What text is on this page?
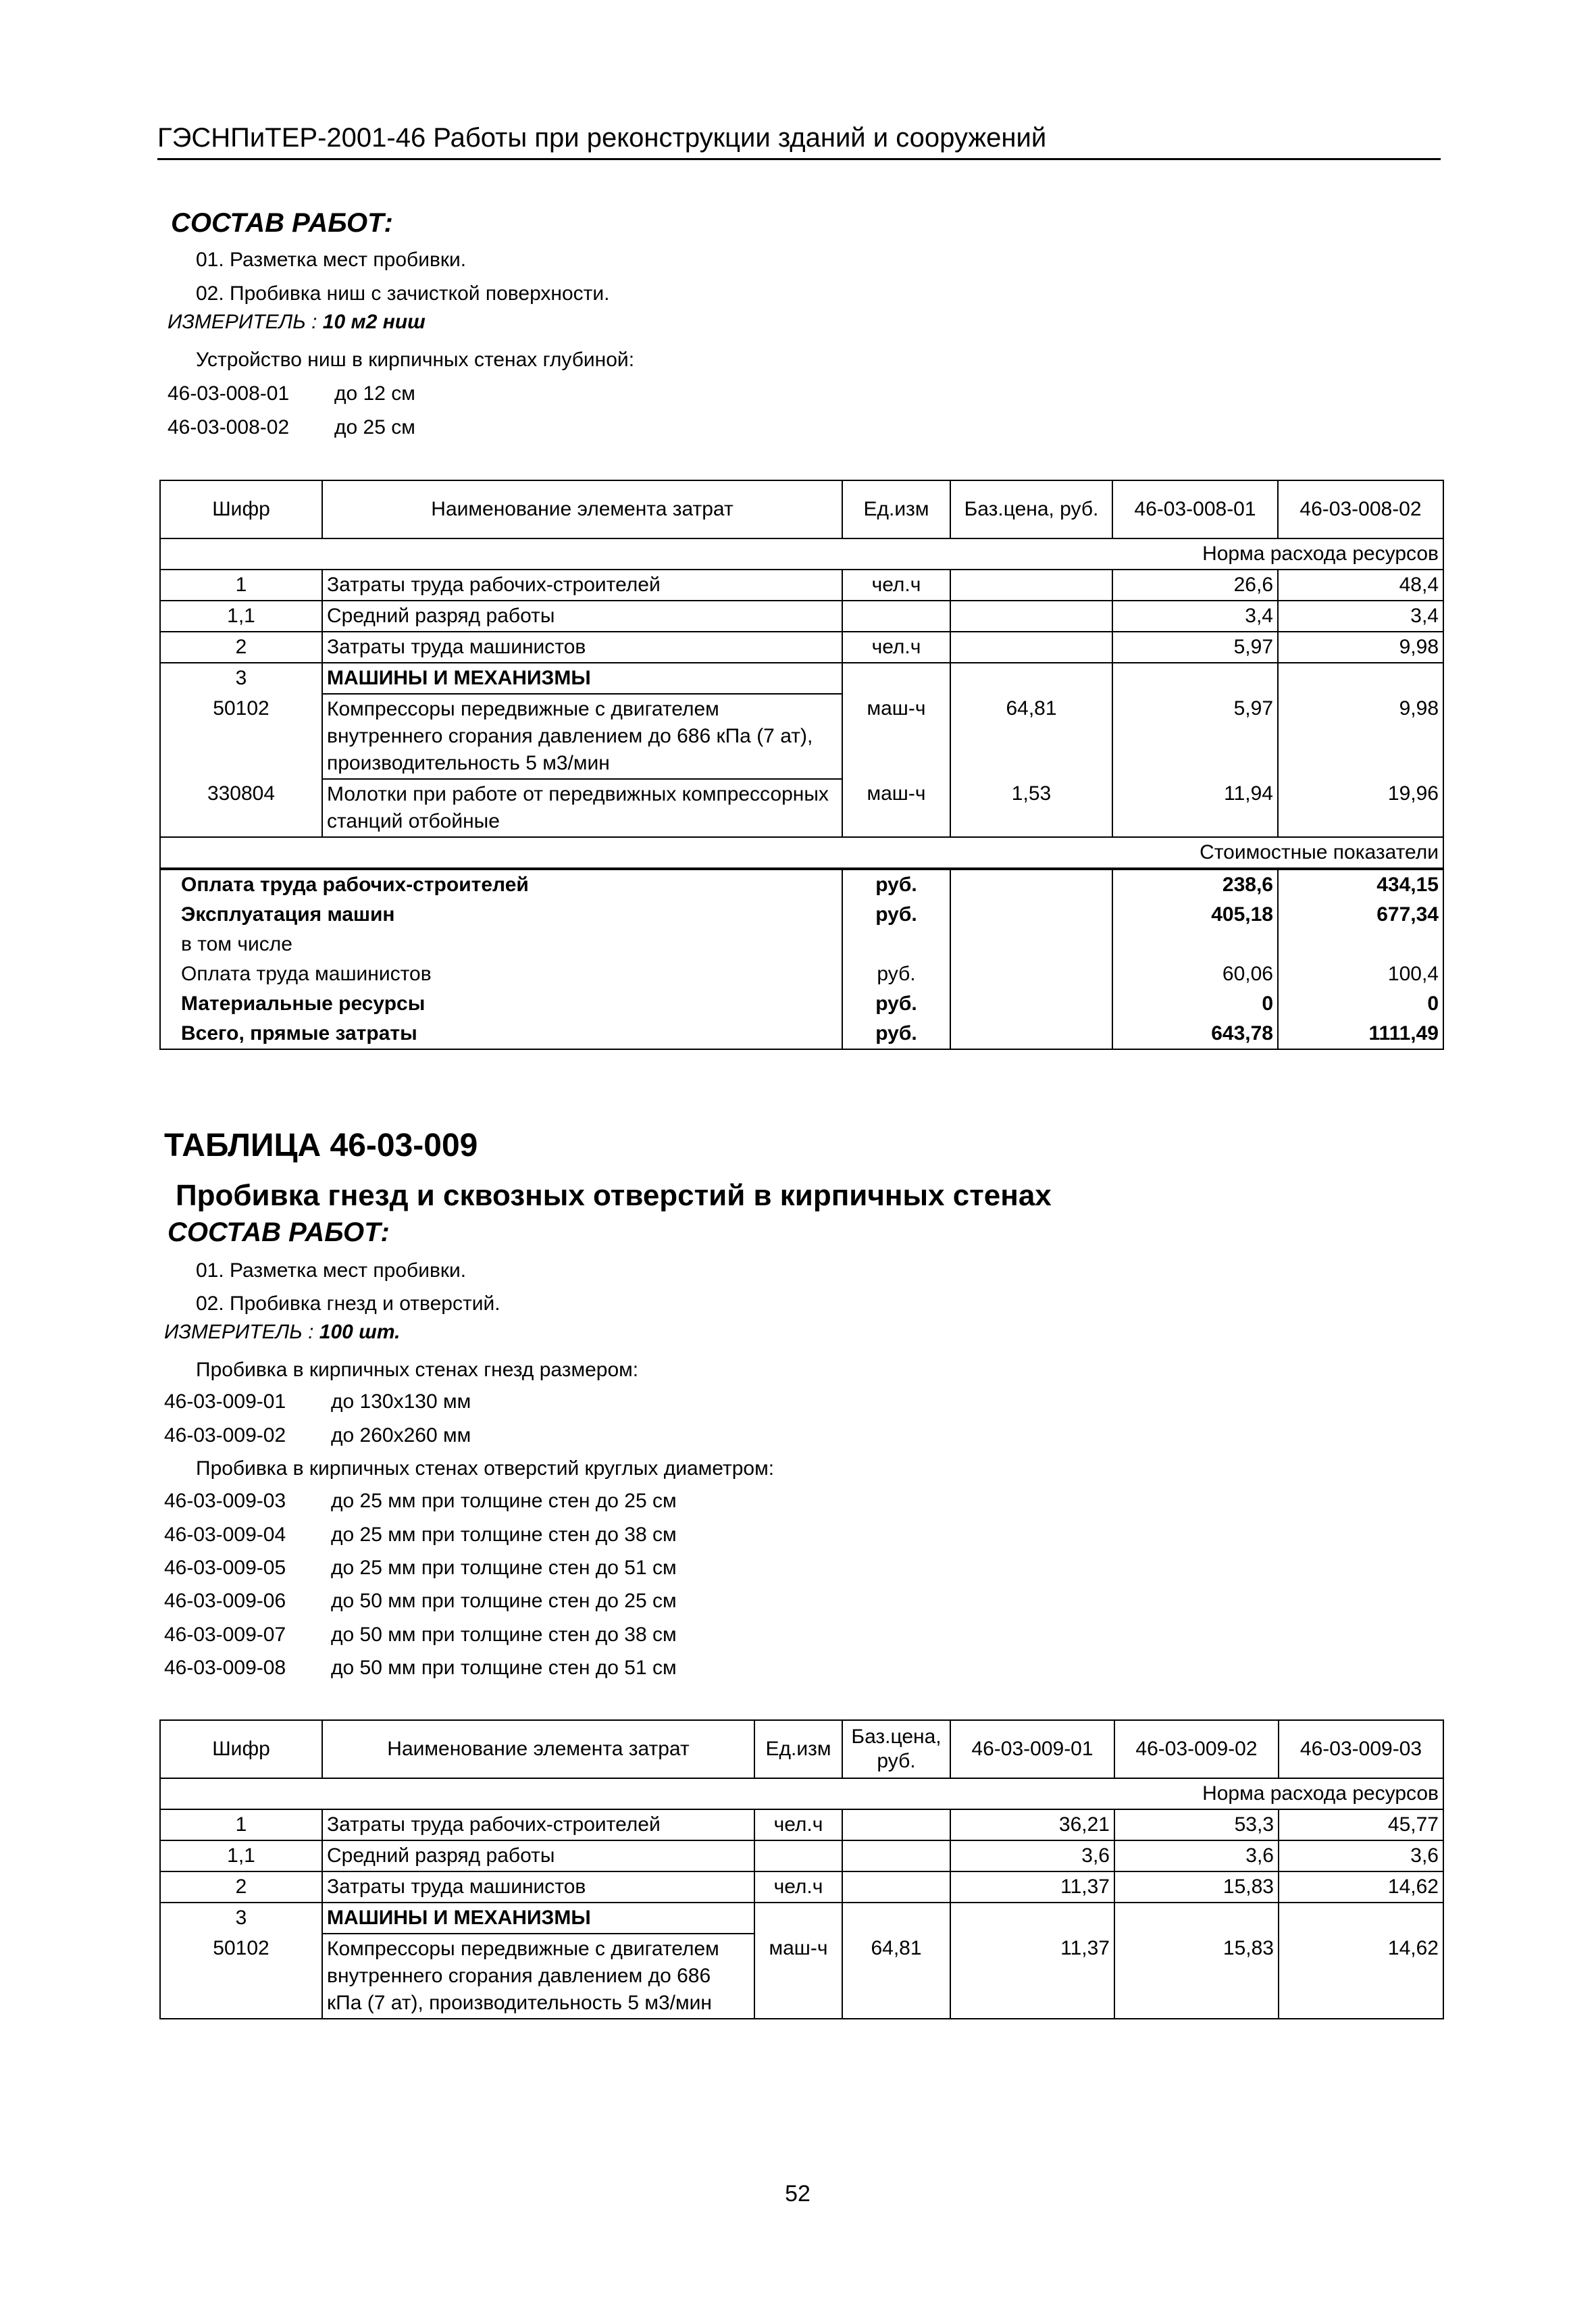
ГЭСНПиТЕР-2001-46 Работы при реконструкции зданий и сооружений
СОСТАВ РАБОТ:
01. Разметка мест пробивки.
02. Пробивка ниш с зачисткой поверхности.
ИЗМЕРИТЕЛЬ : 10 м2 ниш
Устройство ниш в кирпичных стенах глубиной:
46-03-008-01 до 12 см
46-03-008-02 до 25 см
Шифр	Наименование элемента затрат	Ед.изм	Баз.цена, руб.	46-03-008-01	46-03-008-02
Норма расхода ресурсов					
1	Затраты труда рабочих-строителей	чел.ч		26,6	48,4
1,1	Средний разряд работы			3,4	3,4
2	Затраты труда машинистов	чел.ч		5,97	9,98
3	МАШИНЫ И МЕХАНИЗМЫ				
50102	Компрессоры передвижные с двигателем внутреннего сгорания давлением до 686 кПа (7 ат), производительность 5 м3/мин	маш-ч	64,81	5,97	9,98
330804	Молотки при работе от передвижных компрессорных станций отбойные	маш-ч	1,53	11,94	19,96
Стоимостные показатели					
Оплата труда рабочих-строителей		руб.		238,6	434,15
Эксплуатация машин		руб.		405,18	677,34
в том числе					
Оплата труда машинистов		руб.		60,06	100,4
Материальные ресурсы		руб.		0	0
Всего, прямые затраты		руб.		643,78	1111,49
ТАБЛИЦА 46-03-009
Пробивка гнезд и сквозных отверстий в кирпичных стенах
СОСТАВ РАБОТ:
01. Разметка мест пробивки.
02. Пробивка гнезд и отверстий.
ИЗМЕРИТЕЛЬ : 100 шт.
Пробивка в кирпичных стенах гнезд размером:
46-03-009-01 до 130х130 мм
46-03-009-02 до 260х260 мм
Пробивка в кирпичных стенах отверстий круглых диаметром:
46-03-009-03 до 25 мм при толщине стен до 25 см
46-03-009-04 до 25 мм при толщине стен до 38 см
46-03-009-05 до 25 мм при толщине стен до 51 см
46-03-009-06 до 50 мм при толщине стен до 25 см
46-03-009-07 до 50 мм при толщине стен до 38 см
46-03-009-08 до 50 мм при толщине стен до 51 см
Шифр	Наименование элемента затрат	Ед.изм	Баз.цена, руб.	46-03-009-01	46-03-009-02	46-03-009-03
Норма расхода ресурсов						
1	Затраты труда рабочих-строителей	чел.ч		36,21	53,3	45,77
1,1	Средний разряд работы			3,6	3,6	3,6
2	Затраты труда машинистов	чел.ч		11,37	15,83	14,62
3	МАШИНЫ И МЕХАНИЗМЫ					
50102	Компрессоры передвижные с двигателем внутреннего сгорания давлением до 686 кПа (7 ат), производительность 5 м3/мин	маш-ч	64,81	11,37	15,83	14,62
52
